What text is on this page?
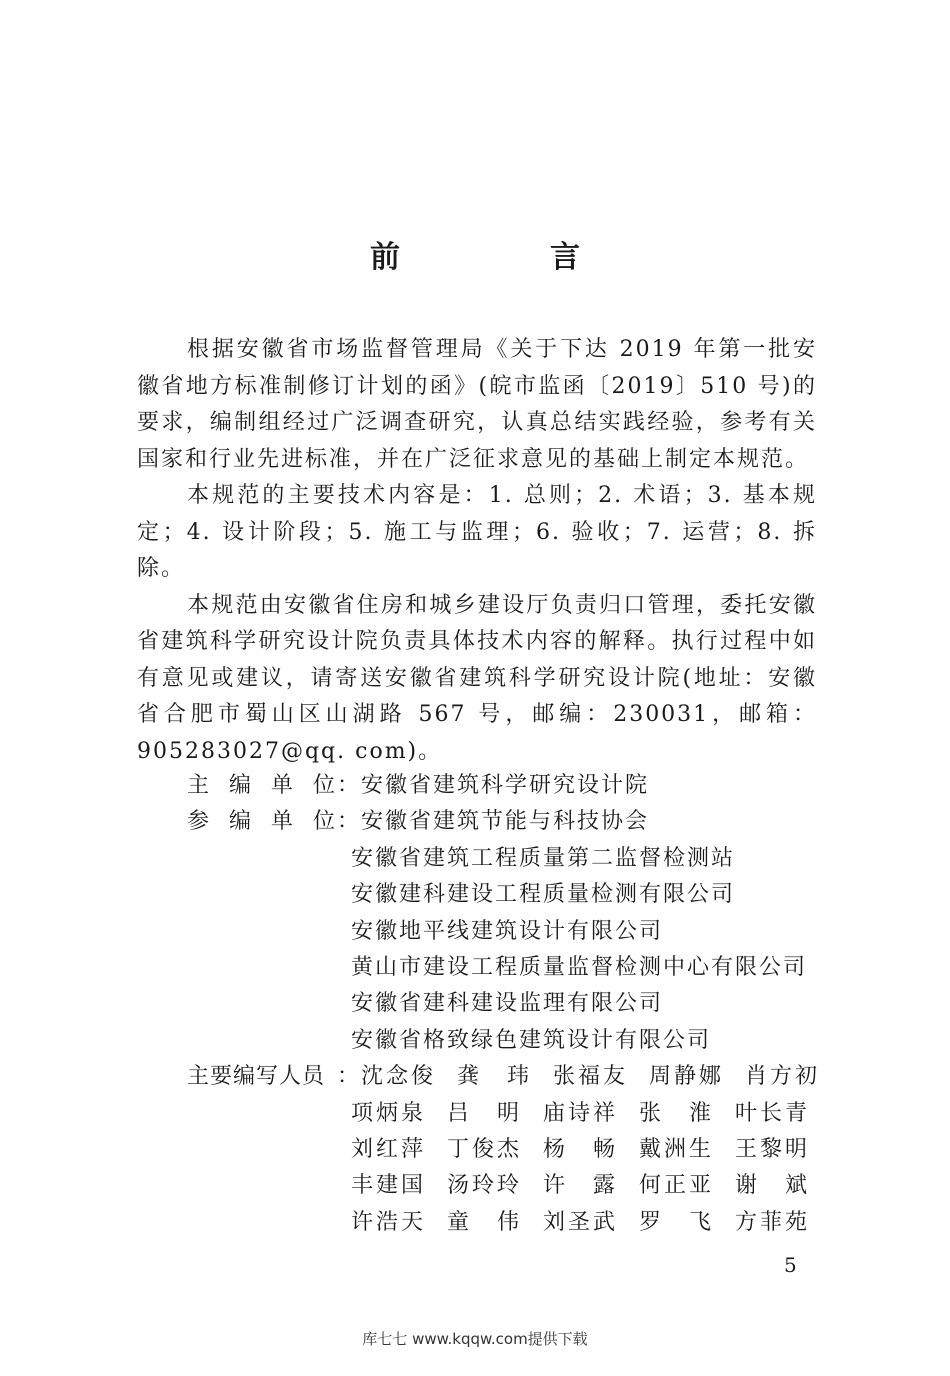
前　言

根据安徽省市场监督管理局《关于下达 2019 年第一批安徽省地方标准制修订计划的函》(皖市监函〔2019〕510 号)的要求，编制组经过广泛调查研究，认真总结实践经验，参考有关国家和行业先进标准，并在广泛征求意见的基础上制定本规范。

本规范的主要技术内容是：1. 总则；2. 术语；3. 基本规定；4. 设计阶段；5. 施工与监理；6. 验收；7. 运营；8. 拆除。

本规范由安徽省住房和城乡建设厅负责归口管理，委托安徽省建筑科学研究设计院负责具体技术内容的解释。执行过程中如有意见或建议，请寄送安徽省建筑科学研究设计院(地址：安徽省合肥市蜀山区山湖路 567 号，邮编：230031，邮箱：905283027@qq. com)。

主编单位 ： 安徽省建筑科学研究设计院
参编单位 ： 安徽省建筑节能与科技协会
安徽省建筑工程质量第二监督检测站
安徽建科建设工程质量检测有限公司
安徽地平线建筑设计有限公司
黄山市建设工程质量监督检测中心有限公司
安徽省建科建设监理有限公司
安徽省格致绿色建筑设计有限公司
主要编写人员 ： 沈念俊	龚玮	张福友	周静娜	肖方初
项炳泉	吕明	庙诗祥	张淮	叶长青
刘红萍	丁俊杰	杨畅	戴洲生	王黎明
丰建国	汤玲玲	许露	何正亚	谢斌
许浩天	童伟	刘圣武	罗飞	方菲苑
5
库七七 www.kqqw.com提供下载
